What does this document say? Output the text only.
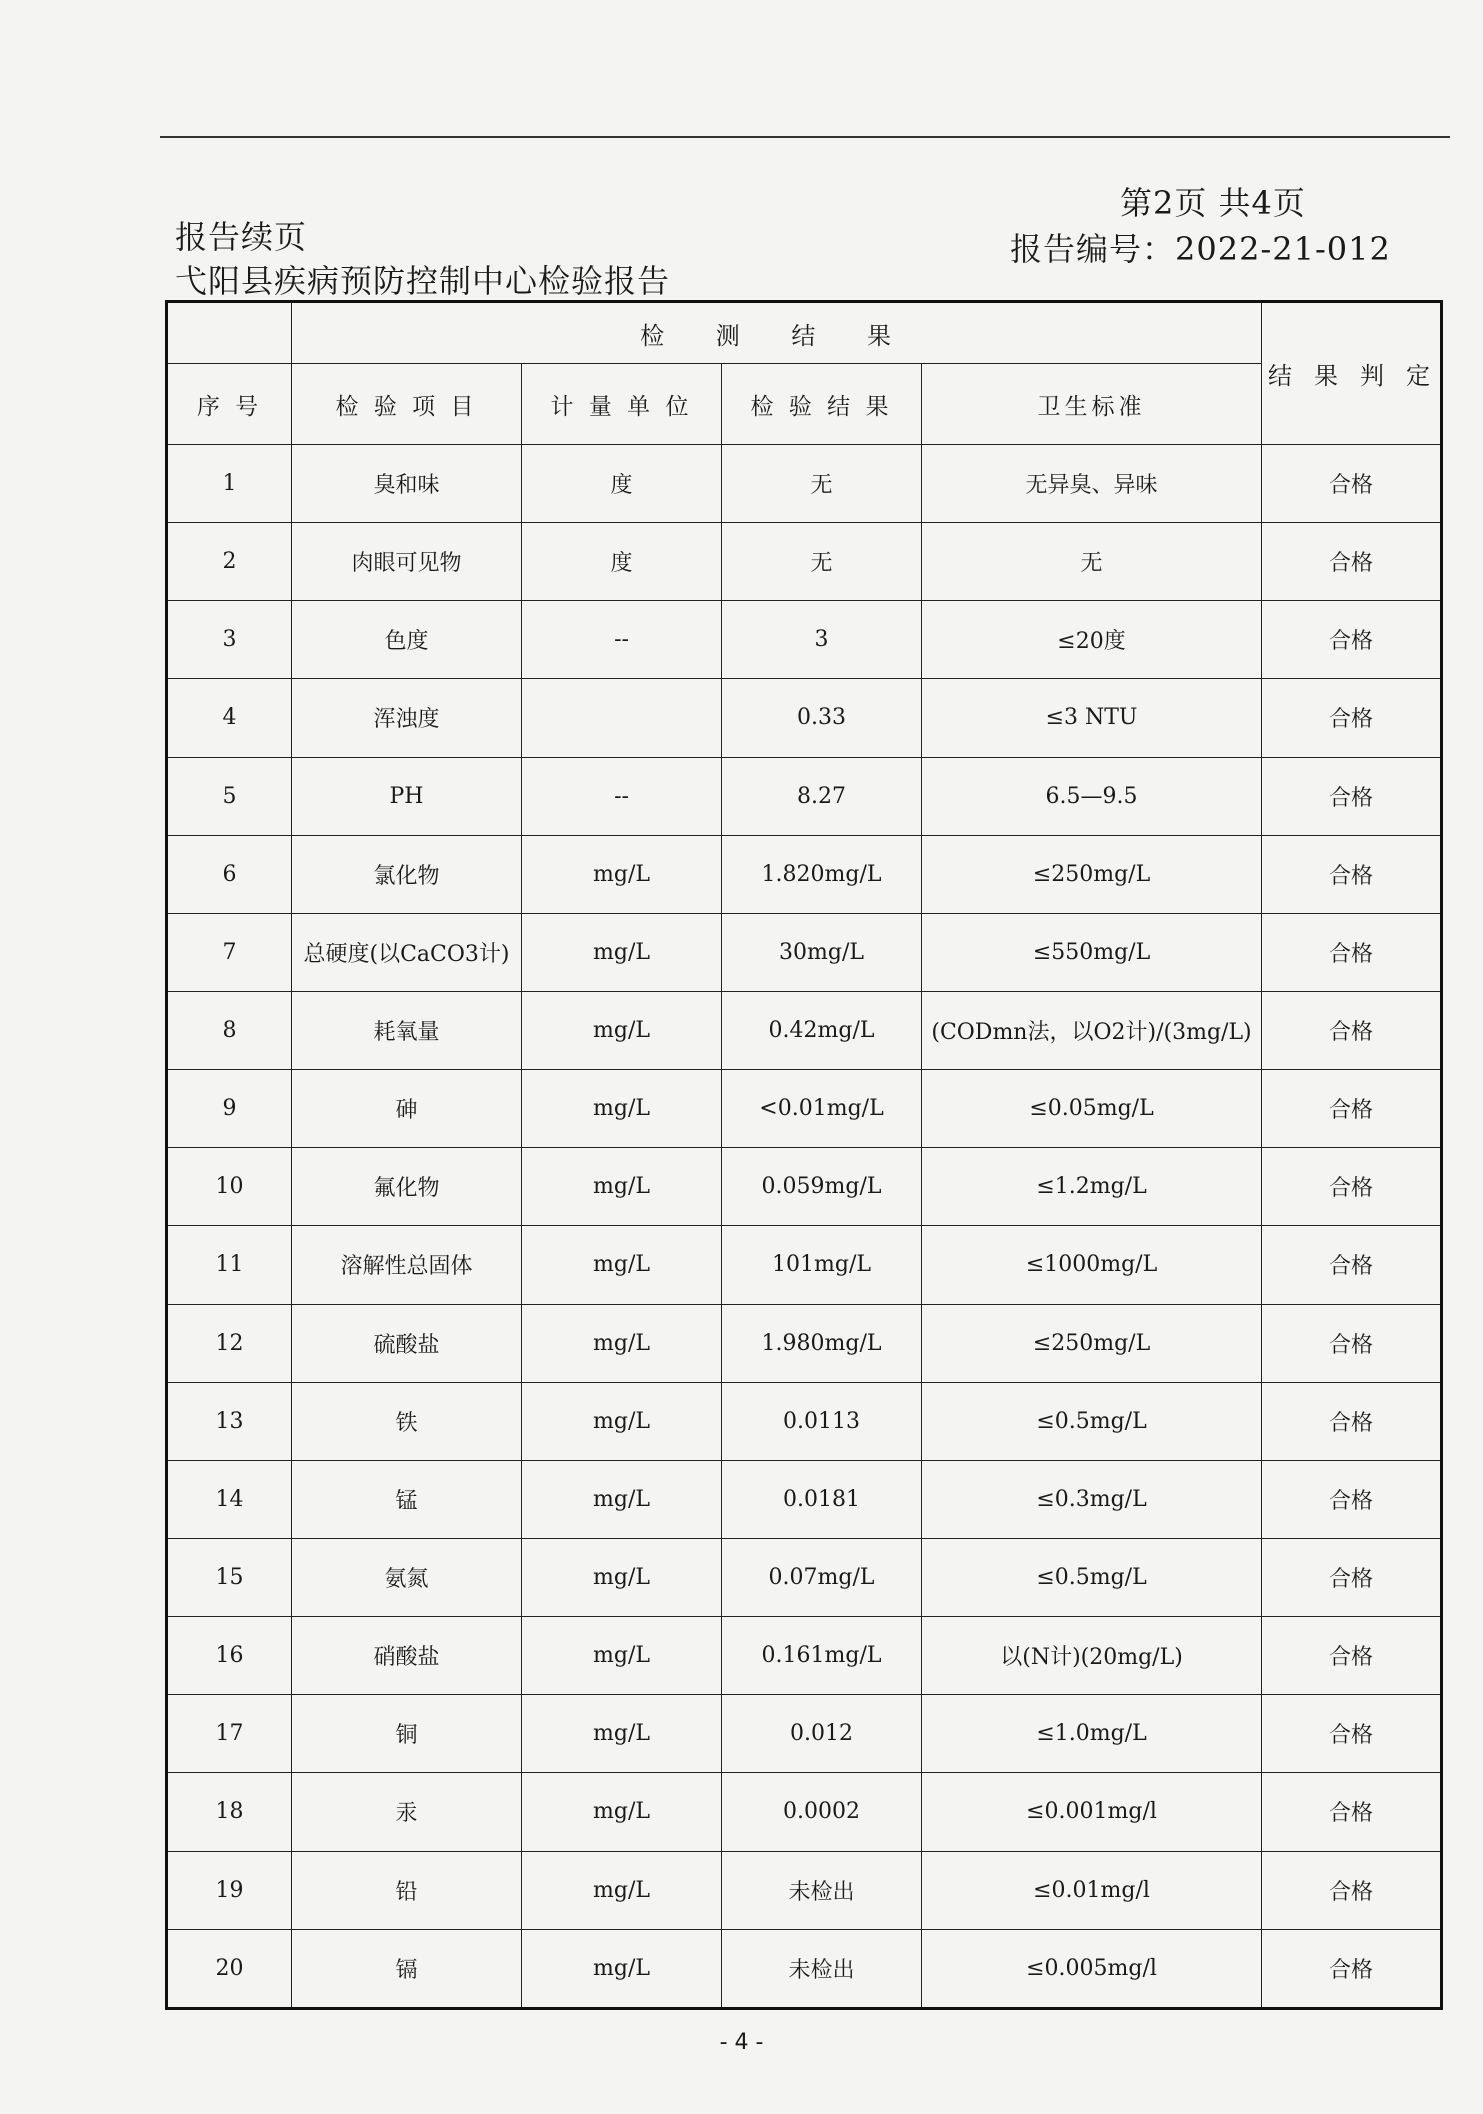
报告续页
弋阳县疾病预防控制中心检验报告
第2页 共4页
报告编号：2022-21-012
	检 测 结 果				结果判定
序 号	检 验 项 目	计 量 单 位	检 验 结 果	卫生标准	
1	臭和味	度	无	无异臭、异味	合格
2	肉眼可见物	度	无	无	合格
3	色度	--	3	≤20度	合格
4	浑浊度		0.33	≤3 NTU	合格
5	PH	--	8.27	6.5—9.5	合格
6	氯化物	mg/L	1.820mg/L	≤250mg/L	合格
7	总硬度(以CaCO3计)	mg/L	30mg/L	≤550mg/L	合格
8	耗氧量	mg/L	0.42mg/L	(CODmn法，以O2计)/(3mg/L)	合格
9	砷	mg/L	<0.01mg/L	≤0.05mg/L	合格
10	氟化物	mg/L	0.059mg/L	≤1.2mg/L	合格
11	溶解性总固体	mg/L	101mg/L	≤1000mg/L	合格
12	硫酸盐	mg/L	1.980mg/L	≤250mg/L	合格
13	铁	mg/L	0.0113	≤0.5mg/L	合格
14	锰	mg/L	0.0181	≤0.3mg/L	合格
15	氨氮	mg/L	0.07mg/L	≤0.5mg/L	合格
16	硝酸盐	mg/L	0.161mg/L	以(N计)(20mg/L)	合格
17	铜	mg/L	0.012	≤1.0mg/L	合格
18	汞	mg/L	0.0002	≤0.001mg/l	合格
19	铅	mg/L	未检出	≤0.01mg/l	合格
20	镉	mg/L	未检出	≤0.005mg/l	合格
- 4 -
